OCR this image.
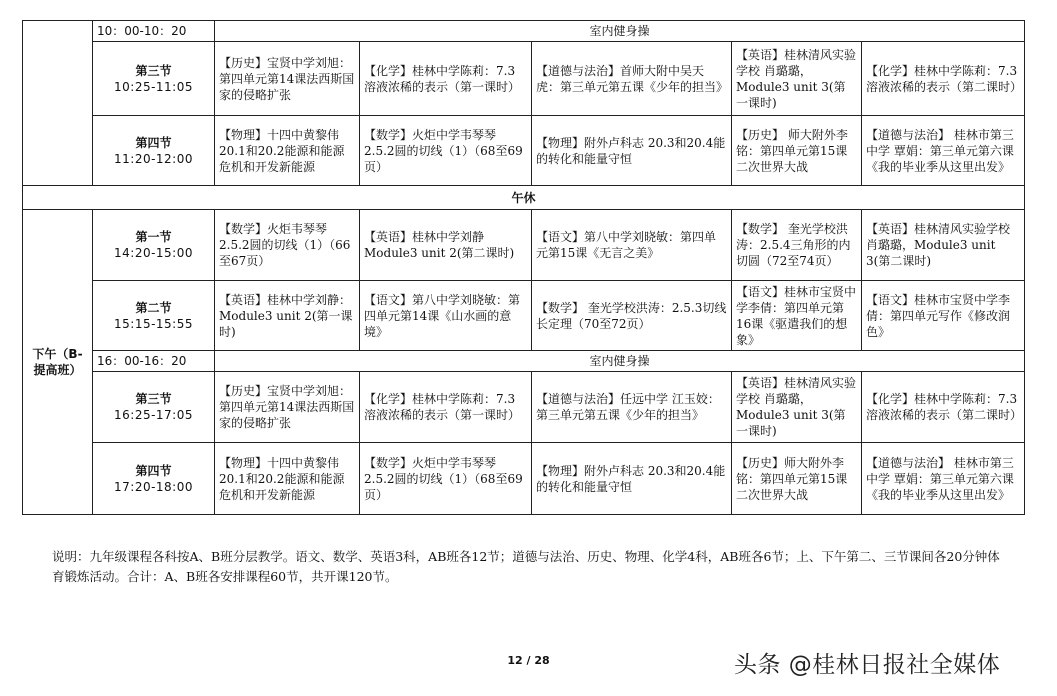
	10：00-10：20	室内健身操				

	第三节
10:25-11:05	【历史】宝贤中学刘旭：第四单元第14课法西斯国家的侵略扩张	【化学】桂林中学陈莉：7.3溶液浓稀的表示（第一课时）	【道德与法治】首师大附中吴天虎：第三单元第五课《少年的担当》	【英语】桂林清风实验学校 肖璐璐，Module3 unit 3(第一课时)	【化学】桂林中学陈莉：7.3溶液浓稀的表示（第二课时）

	第四节
11:20-12:00	【物理】十四中黄黎伟 20.1和20.2能源和能源危机和开发新能源	【数学】火炬中学韦琴琴 2.5.2圆的切线（1）（68至69页）	【物理】附外卢科志 20.3和20.4能的转化和能量守恒	【历史】 师大附外李铭：第四单元第15课二次世界大战	【道德与法治】 桂林市第三中学 覃娟：第三单元第六课《我的毕业季从这里出发》
午休						
下午（B-提高班）	第一节
14:20-15:00	【数学】火炬韦琴琴 2.5.2圆的切线（1）（66至67页）	【英语】桂林中学刘静 Module3 unit 2(第二课时)	【语文】第八中学刘晓敏：第四单元第15课《无言之美》	【数学】 奎光学校洪涛：2.5.4三角形的内切圆（72至74页）	【英语】桂林清风实验学校 肖璐璐，Module3 unit 3(第二课时)

	第二节
15:15-15:55	【英语】桂林中学刘静：Module3 unit 2(第一课时)	【语文】第八中学刘晓敏：第四单元第14课《山水画的意境》	【数学】 奎光学校洪涛：2.5.3切线长定理（70至72页）	【语文】桂林市宝贤中学李倩：第四单元第16课《驱遣我们的想象》	【语文】桂林市宝贤中学李倩：第四单元写作《修改润色》
	16：00-16：20	室内健身操				

	第三节
16:25-17:05	【历史】宝贤中学刘旭：第四单元第14课法西斯国家的侵略扩张	【化学】桂林中学陈莉：7.3溶液浓稀的表示（第一课时）	【道德与法治】任远中学 江玉姣：第三单元第五课《少年的担当》	【英语】桂林清风实验学校 肖璐璐，Module3 unit 3(第一课时)	【化学】桂林中学陈莉：7.3溶液浓稀的表示（第二课时）

	第四节
17:20-18:00	【物理】十四中黄黎伟 20.1和20.2能源和能源危机和开发新能源	【数学】火炬中学韦琴琴 2.5.2圆的切线（1）（68至69页）	【物理】附外卢科志 20.3和20.4能的转化和能量守恒	【历史】师大附外李铭：第四单元第15课二次世界大战	【道德与法治】 桂林市第三中学 覃娟：第三单元第六课《我的毕业季从这里出发》
说明：九年级课程各科按A、B班分层教学。语文、数学、英语3科，AB班各12节；道德与法治、历史、物理、化学4科，AB班各6节；上、下午第二、三节课间各20分钟体育锻炼活动。合计：A、B班各安排课程60节，共开课120节。
12 / 28	头条 @桂林日报社全媒体
